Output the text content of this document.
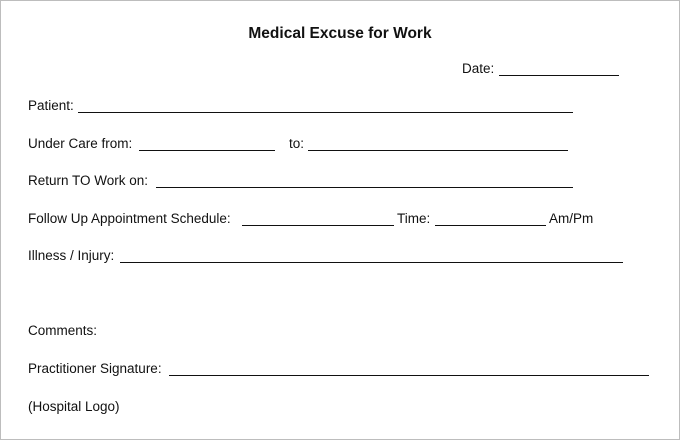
Medical Excuse for Work
Date:
Patient:
Under Care from:	to:
Return TO Work on:
Follow Up Appointment Schedule:	Time:	Am/Pm
Illness / Injury:
Comments:
Practitioner Signature:
(Hospital Logo)
